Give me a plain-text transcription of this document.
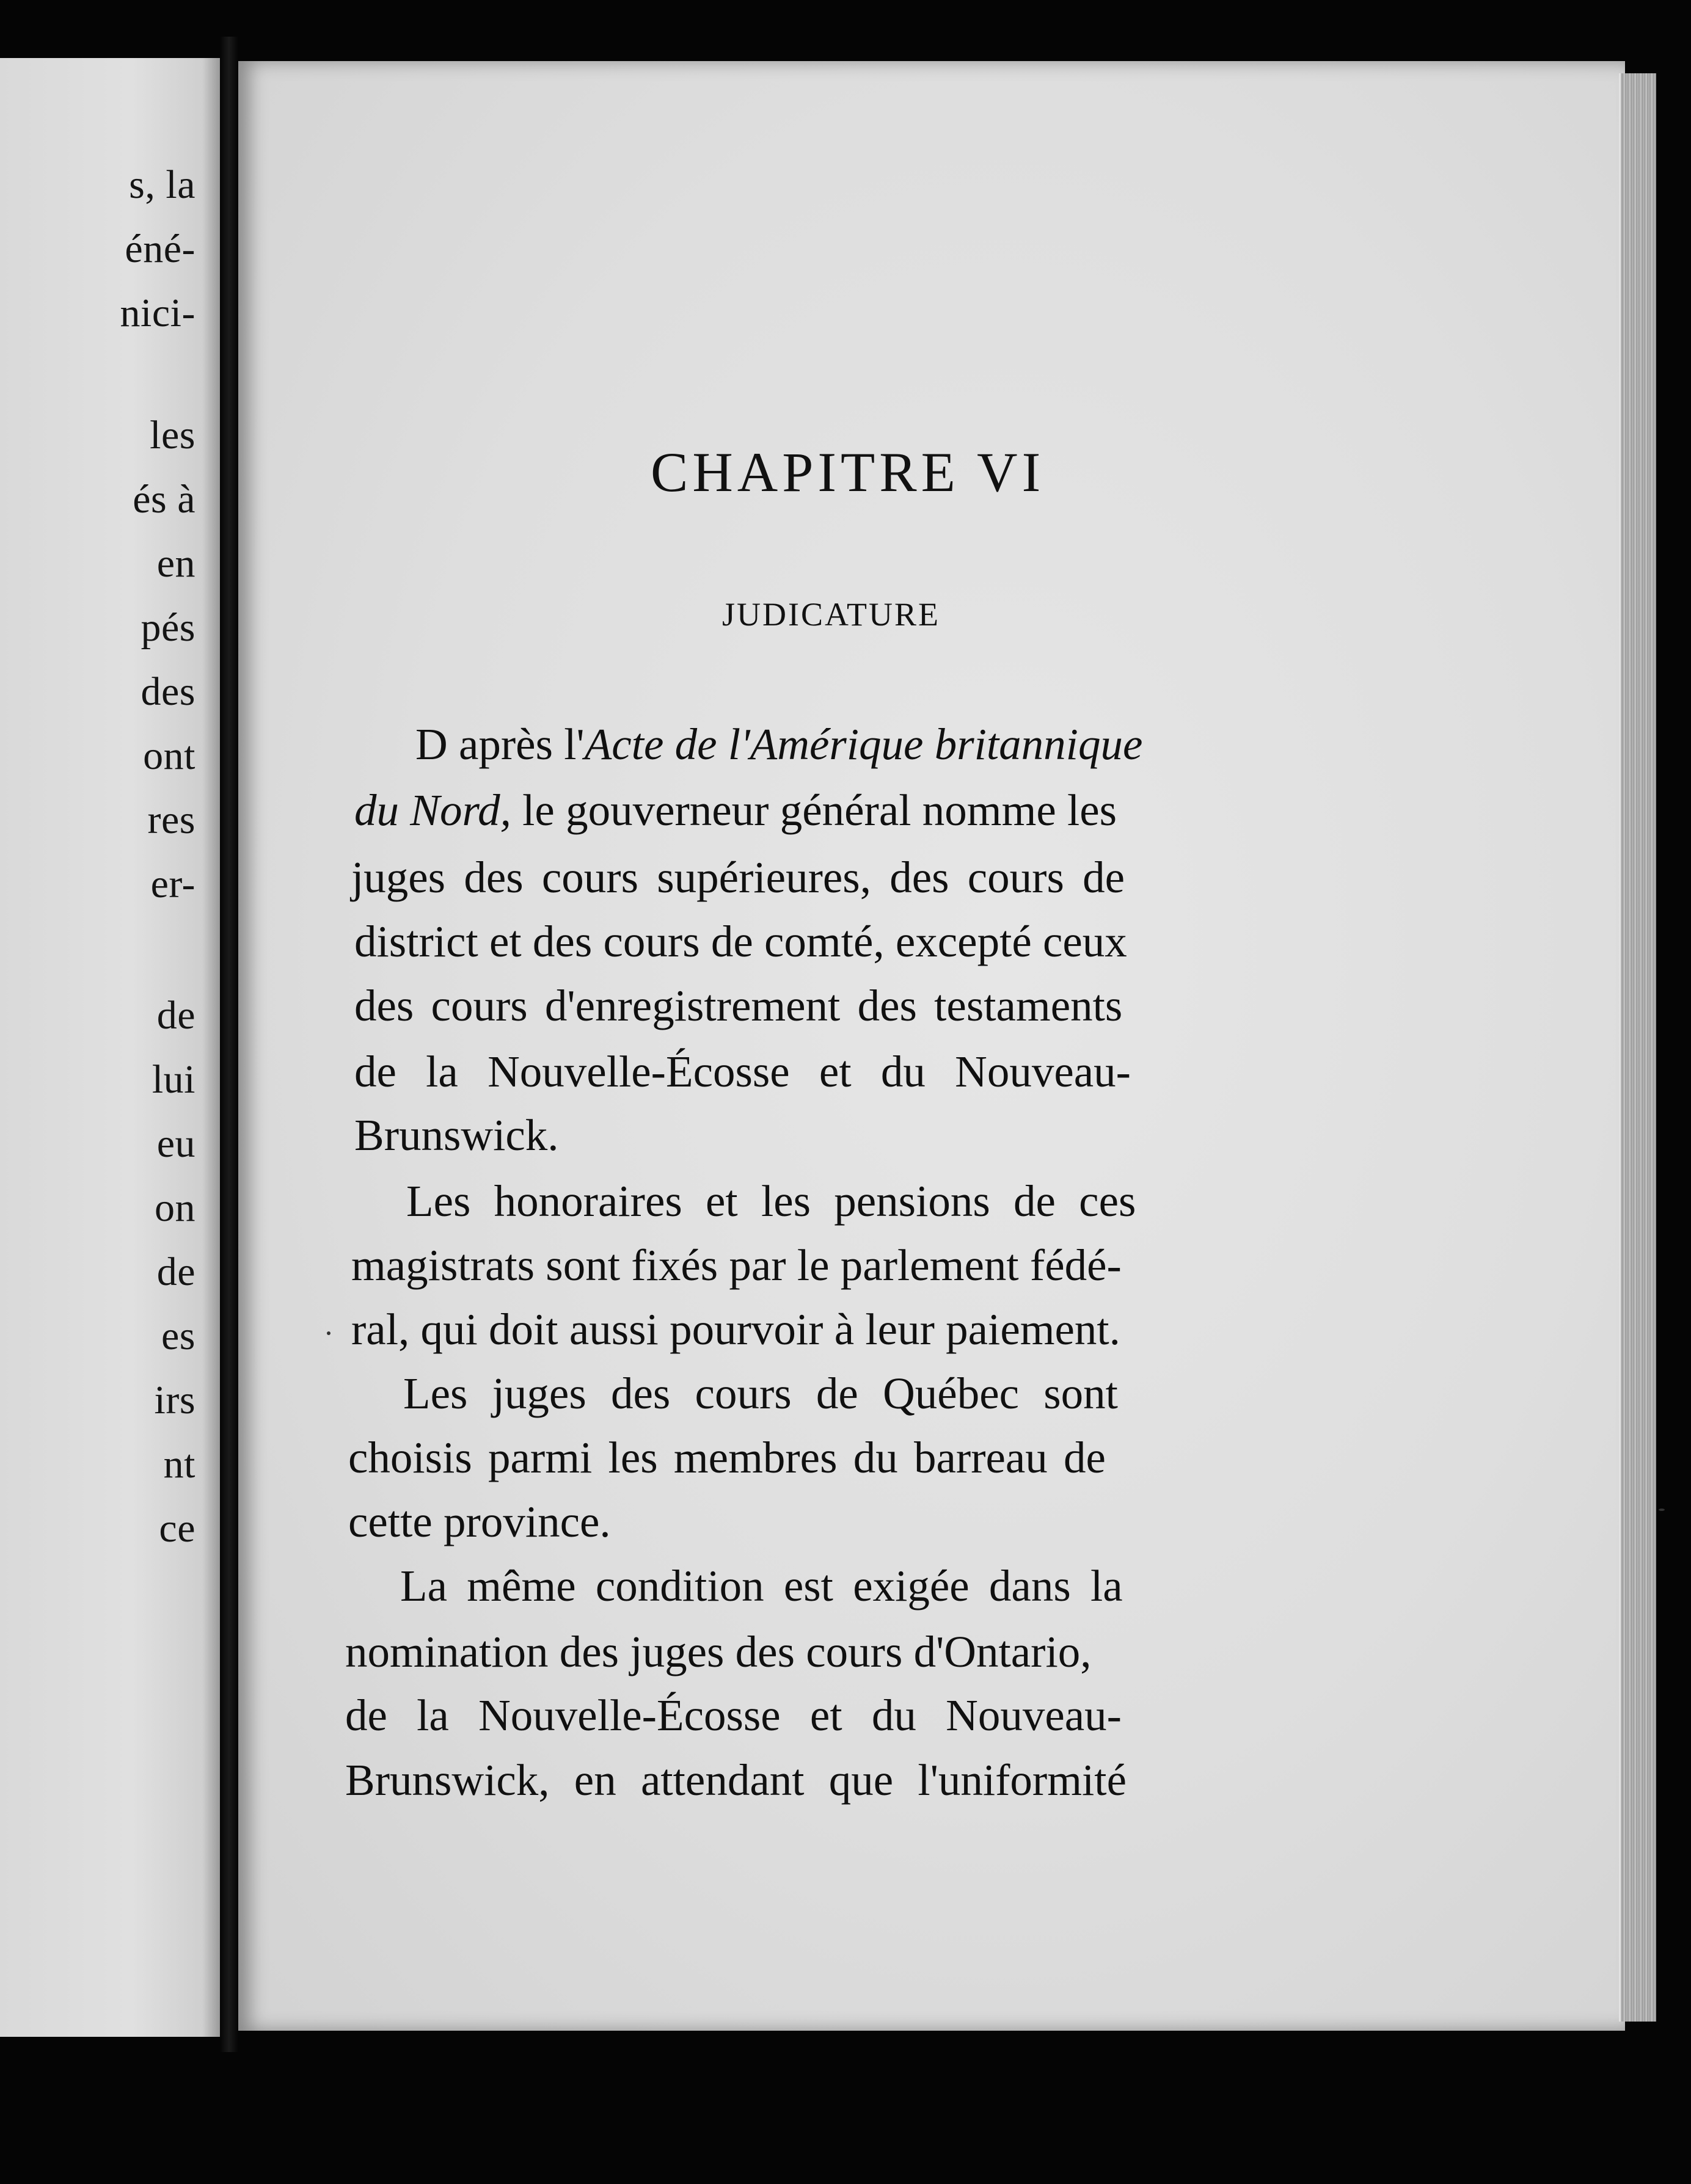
s, la

éné-

nici-

les

és à

en

pés

des

ont

res

er-

de

lui

eu

on

de

es

irs

nt

ce

CHAPITRE VI
JUDICATURE

D après l'Acte de l'Amérique britannique

du Nord, le gouverneur général nomme les

juges des cours supérieures, des cours de

district et des cours de comté, excepté ceux

des cours d'enregistrement des testaments

de la Nouvelle-Écosse et du Nouveau-

Brunswick.

Les honoraires et les pensions de ces

magistrats sont fixés par le parlement fédé-

ral, qui doit aussi pourvoir à leur paiement.

Les juges des cours de Québec sont

choisis parmi les membres du barreau de

cette province.

La même condition est exigée dans la

nomination des juges des cours d'Ontario,

de la Nouvelle-Écosse et du Nouveau-

Brunswick, en attendant que l'uniformité
